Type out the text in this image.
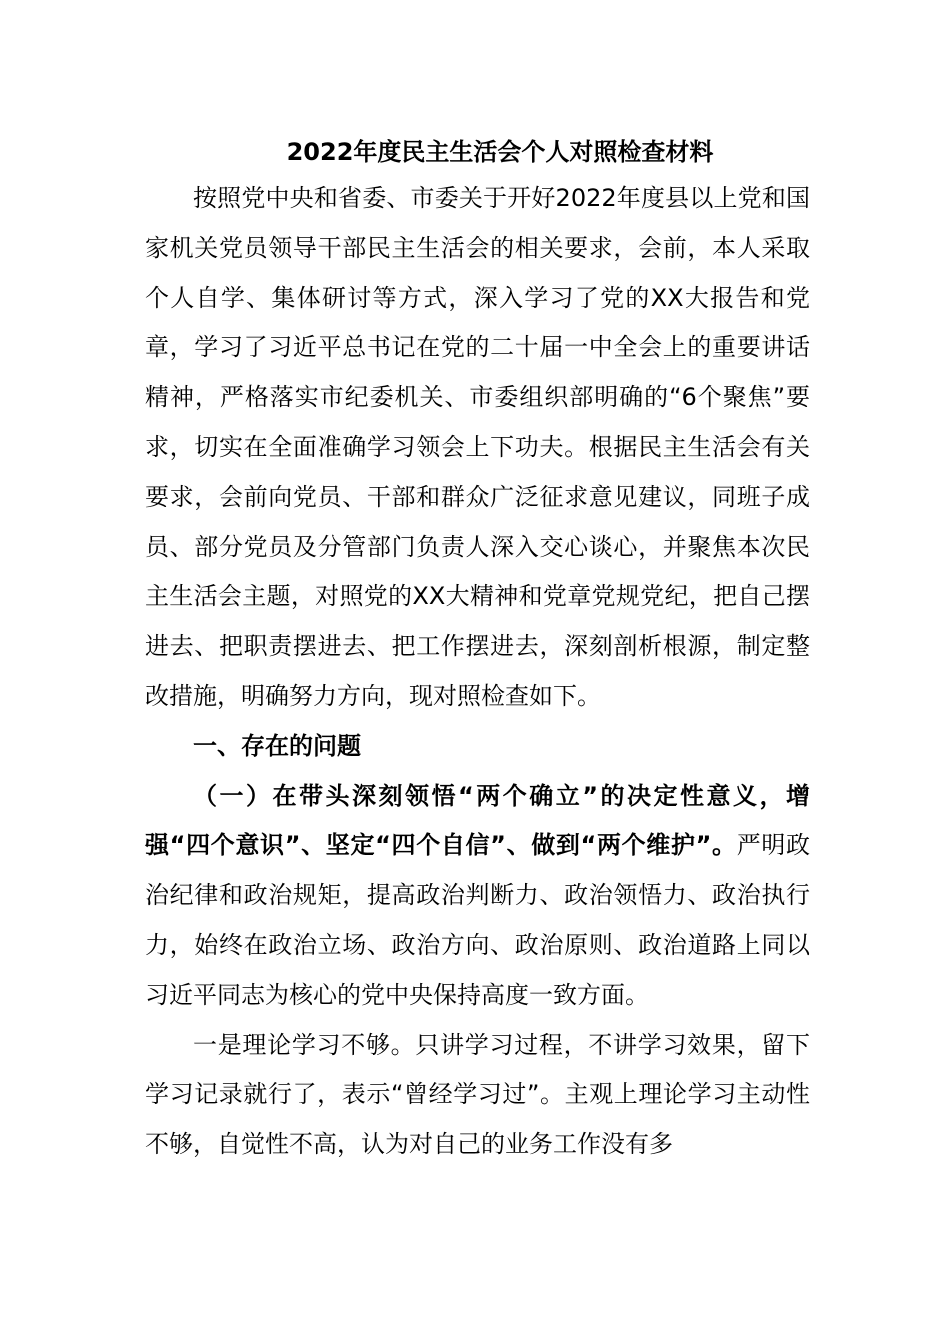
2022年度民主生活会个人对照检查材料

按照党中央和省委、市委关于开好2022年度县以上党和国家机关党员领导干部民主生活会的相关要求，会前，本人采取个人自学、集体研讨等方式，深入学习了党的XX大报告和党章，学习了习近平总书记在党的二十届一中全会上的重要讲话精神，严格落实市纪委机关、市委组织部明确的“6个聚焦”要求，切实在全面准确学习领会上下功夫。根据民主生活会有关要求，会前向党员、干部和群众广泛征求意见建议，同班子成员、部分党员及分管部门负责人深入交心谈心，并聚焦本次民主生活会主题，对照党的XX大精神和党章党规党纪，把自己摆进去、把职责摆进去、把工作摆进去，深刻剖析根源，制定整改措施，明确努力方向，现对照检查如下。

一、存在的问题

（一）在带头深刻领悟“两个确立”的决定性意义，增强“四个意识”、坚定“四个自信”、做到“两个维护”。严明政治纪律和政治规矩，提高政治判断力、政治领悟力、政治执行力，始终在政治立场、政治方向、政治原则、政治道路上同以习近平同志为核心的党中央保持高度一致方面。

一是理论学习不够。只讲学习过程，不讲学习效果，留下学习记录就行了，表示“曾经学习过”。主观上理论学习主动性不够，自觉性不高，认为对自己的业务工作没有多
